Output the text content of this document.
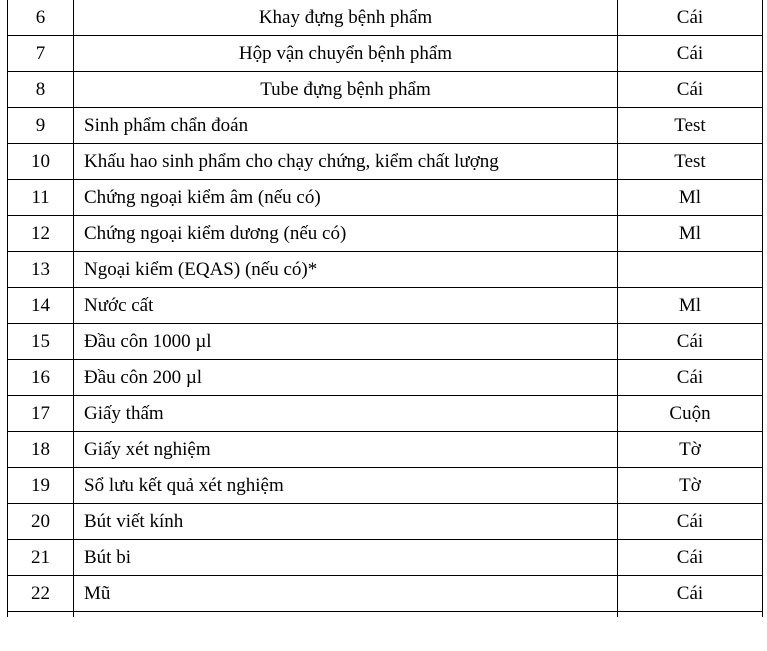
6	Khay đựng bệnh phẩm	Cái
7	Hộp vận chuyển bệnh phẩm	Cái
8	Tube đựng bệnh phẩm	Cái
9	Sinh phẩm chẩn đoán	Test
10	Khấu hao sinh phẩm cho chạy chứng, kiểm chất lượng	Test
11	Chứng ngoại kiểm âm (nếu có)	Ml
12	Chứng ngoại kiểm dương (nếu có)	Ml
13	Ngoại kiểm (EQAS) (nếu có)*	
14	Nước cất	Ml
15	Đầu côn 1000 µl	Cái
16	Đầu côn 200 µl	Cái
17	Giấy thấm	Cuộn
18	Giấy xét nghiệm	Tờ
19	Sổ lưu kết quả xét nghiệm	Tờ
20	Bút viết kính	Cái
21	Bút bi	Cái
22	Mũ	Cái
